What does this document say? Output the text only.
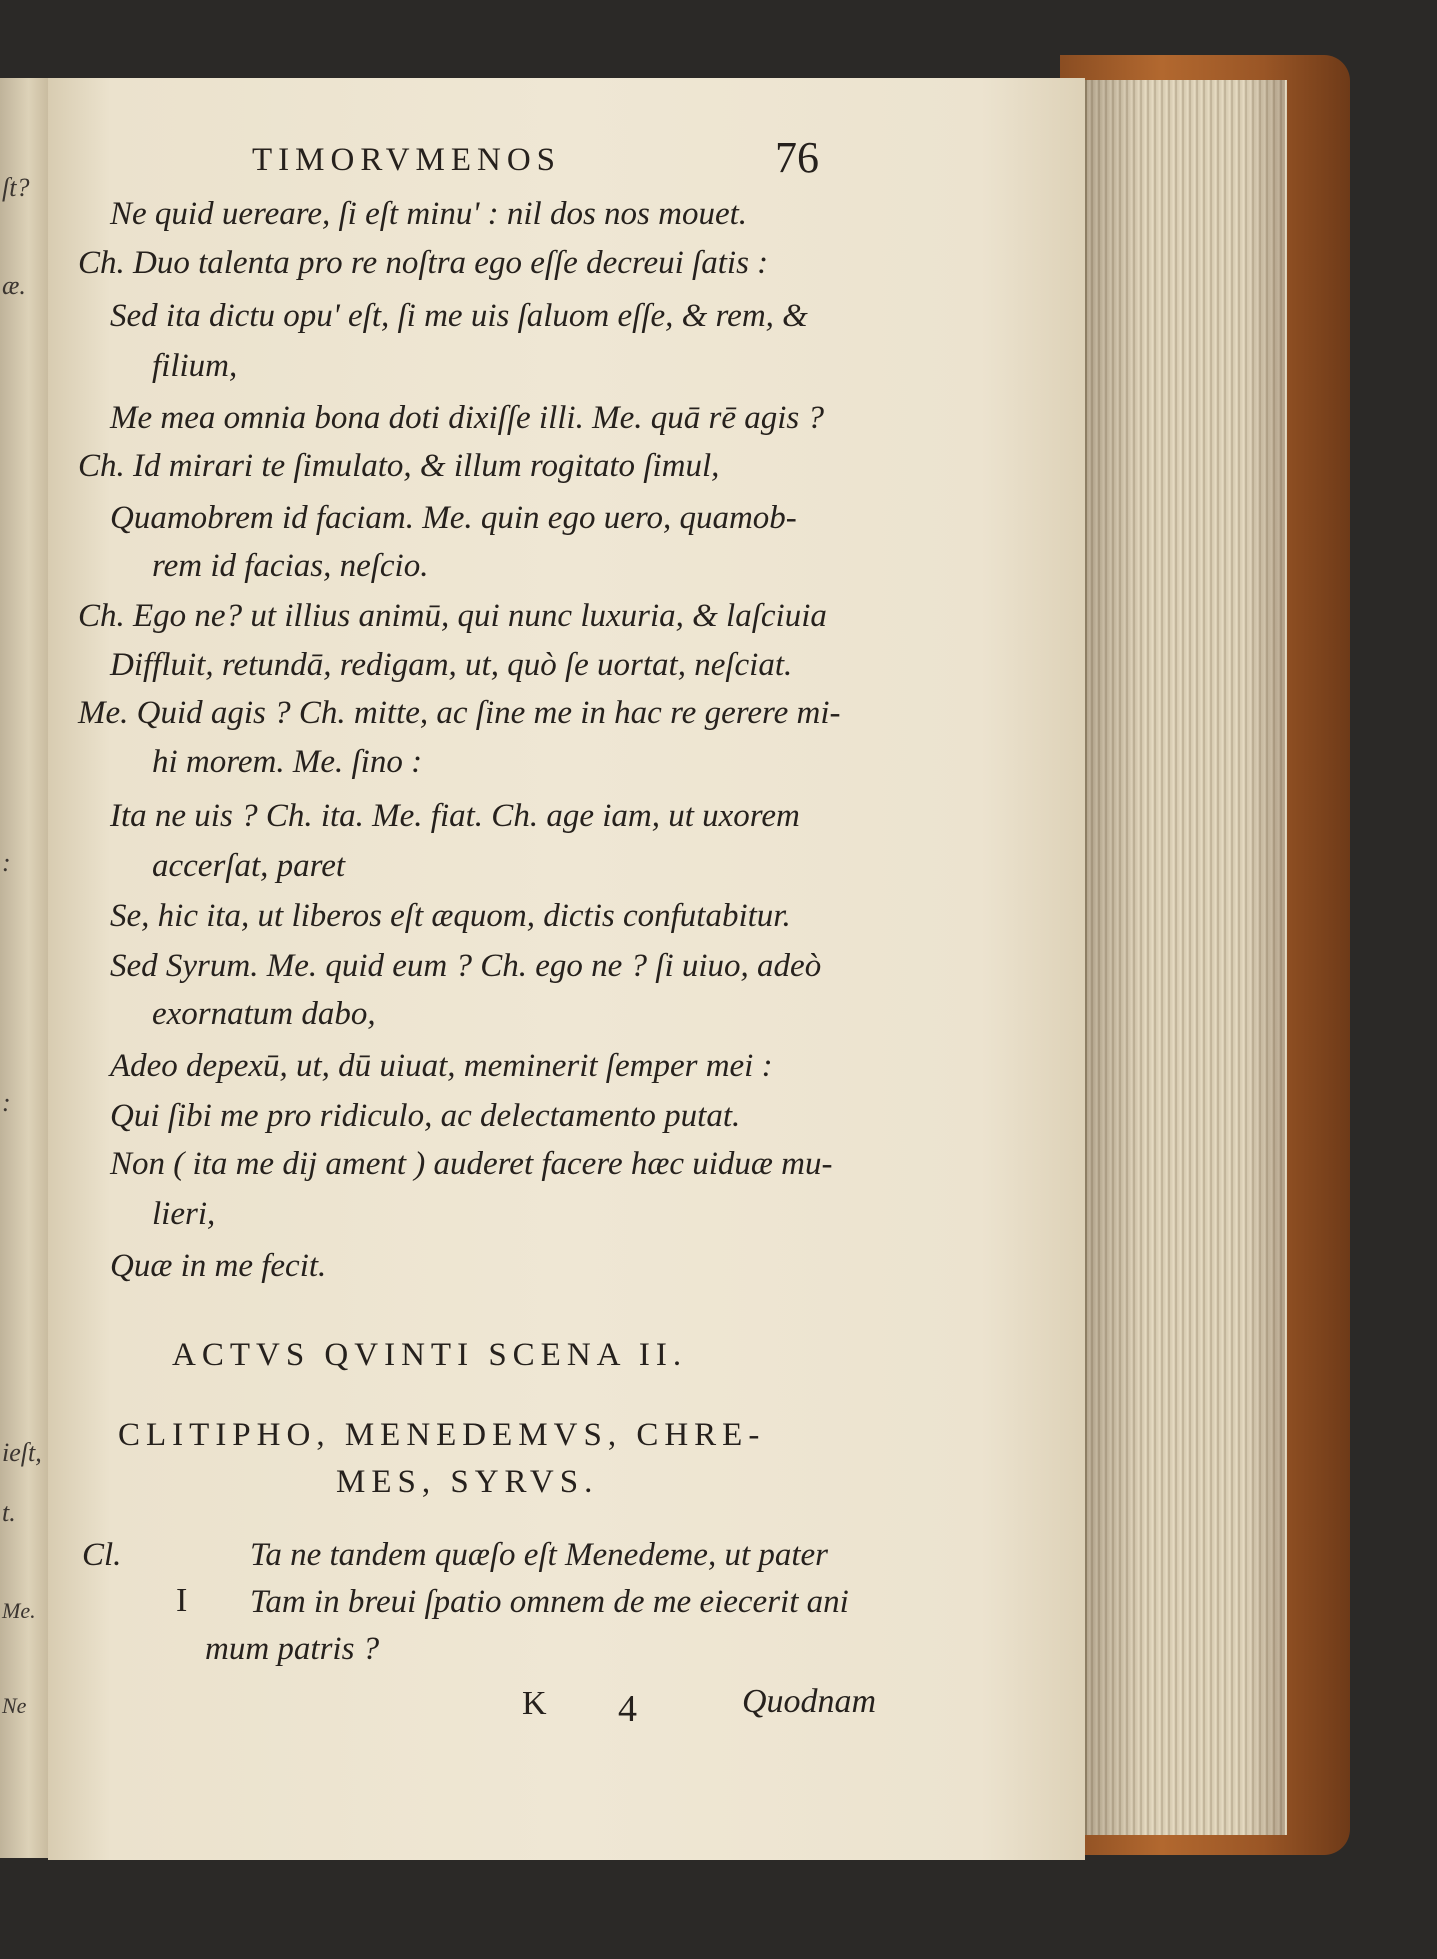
ſt?
æ.
:
:
ieſt,
t.
Me.
Ne
TIMORVMENOS	76
Ne quid uereare, ſi eſt minu' : nil dos nos mouet.
Ch. Duo talenta pro re noſtra ego eſſe decreui ſatis :
Sed ita dictu opu' eſt, ſi me uis ſaluom eſſe, & rem, &
filium,
Me mea omnia bona doti dixiſſe illi. Me. quā rē agis ?
Ch. Id mirari te ſimulato, & illum rogitato ſimul,
Quamobrem id faciam. Me. quin ego uero, quamob-
rem id facias, neſcio.
Ch. Ego ne? ut illius animū, qui nunc luxuria, & laſciuia
Diffluit, retundā, redigam, ut, quò ſe uortat, neſciat.
Me. Quid agis ? Ch. mitte, ac ſine me in hac re gerere mi-
hi morem. Me. ſino :
Ita ne uis ? Ch. ita. Me. fiat. Ch. age iam, ut uxorem
accerſat, paret
Se, hic ita, ut liberos eſt æquom, dictis confutabitur.
Sed Syrum. Me. quid eum ? Ch. ego ne ? ſi uiuo, adeò
exornatum dabo,
Adeo depexū, ut, dū uiuat, meminerit ſemper mei :
Qui ſibi me pro ridiculo, ac delectamento putat.
Non ( ita me dij ament ) auderet facere hæc uiduæ mu-
lieri,
Quæ in me fecit.
ACTVS QVINTI SCENA II.
CLITIPHO, MENEDEMVS, CHRE-
MES, SYRVS.
Cl.	Ta ne tandem quæſo eſt Menedeme, ut pater
I Tam in breui ſpatio omnem de me eiecerit ani
mum patris ?
K 4	Quodnam
